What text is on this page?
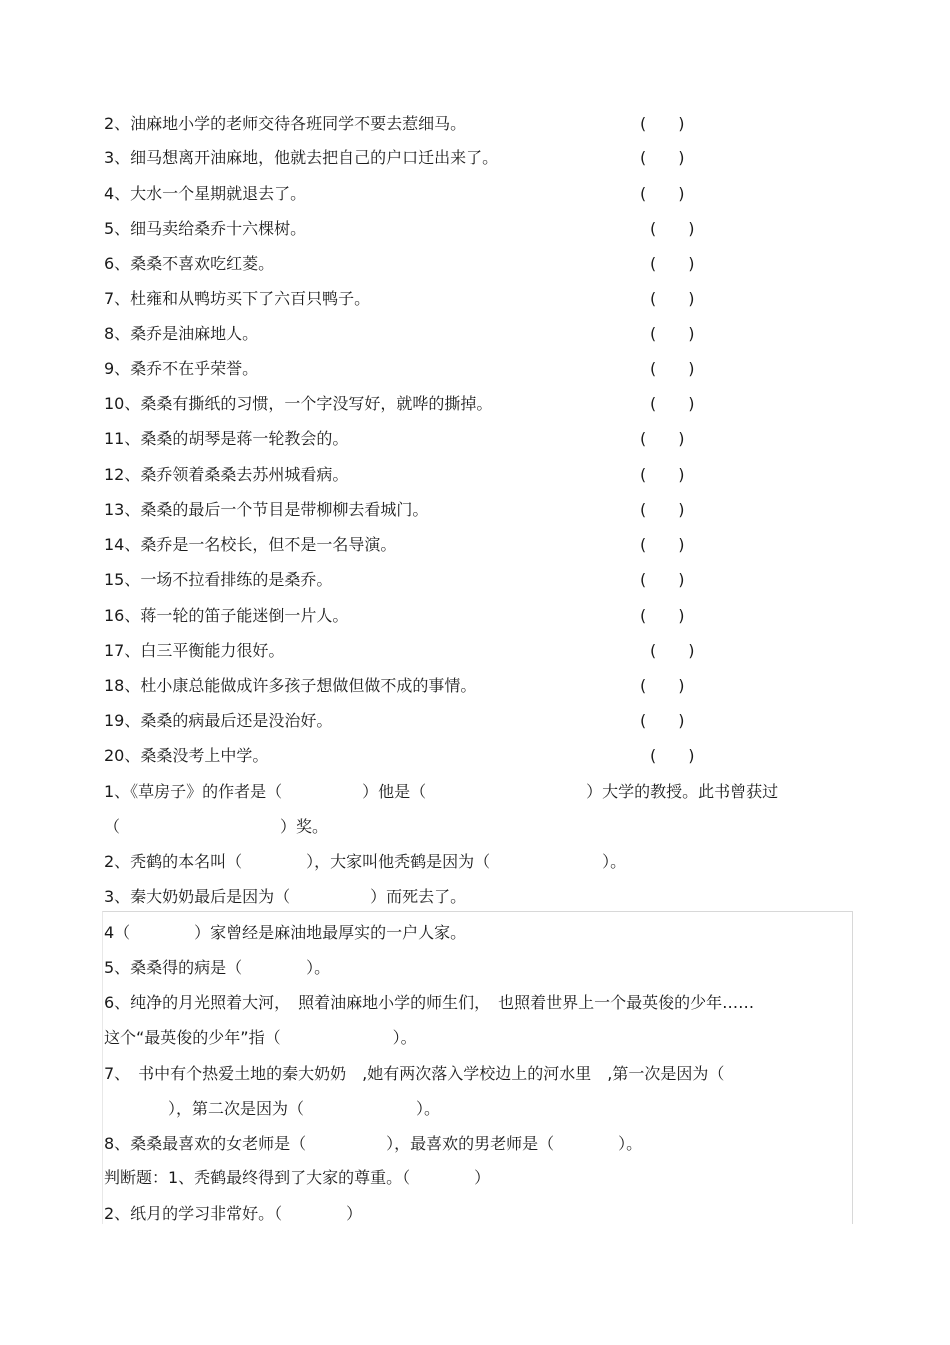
2、油麻地小学的老师交待各班同学不要去惹细马。	(　　)
3、细马想离开油麻地，他就去把自己的户口迁出来了。	(　　)
4、大水一个星期就退去了。	(　　)
5、细马卖给桑乔十六棵树。	(　　)
6、桑桑不喜欢吃红菱。	(　　)
7、杜雍和从鸭坊买下了六百只鸭子。	(　　)
8、桑乔是油麻地人。	(　　)
9、桑乔不在乎荣誉。	(　　)
10、桑桑有撕纸的习惯，一个字没写好，就哗的撕掉。	(　　)
11、桑桑的胡琴是蒋一轮教会的。	(　　)
12、桑乔领着桑桑去苏州城看病。	(　　)
13、桑桑的最后一个节目是带柳柳去看城门。	(　　)
14、桑乔是一名校长，但不是一名导演。	(　　)
15、一场不拉看排练的是桑乔。	(　　)
16、蒋一轮的笛子能迷倒一片人。	(　　)
17、白三平衡能力很好。	(　　)
18、杜小康总能做成许多孩子想做但做不成的事情。	(　　)
19、桑桑的病最后还是没治好。	(　　)
20、桑桑没考上中学。	(　　)
1、《草房子》的作者是（　　　　　）他是（　　　　　　　　　　）大学的教授。此书曾获过
（　　　　　　　　　　）奖。
2、秃鹤的本名叫（　　　　），大家叫他秃鹤是因为（　　　　　　　）。
3、秦大奶奶最后是因为（　　　　　）而死去了。
4（　　　　）家曾经是麻油地最厚实的一户人家。
5、桑桑得的病是（　　　　）。
6、纯净的月光照着大河，　照着油麻地小学的师生们，　也照着世界上一个最英俊的少年……
这个“最英俊的少年”指（　　　　　　　）。
7、　书中有个热爱土地的秦大奶奶　,她有两次落入学校边上的河水里　,第一次是因为（
　　　　），第二次是因为（　　　　　　　）。
8、桑桑最喜欢的女老师是（　　　　　），最喜欢的男老师是（　　　　）。
判断题：1、秃鹤最终得到了大家的尊重。（　　　　）
2、纸月的学习非常好。（　　　　）
